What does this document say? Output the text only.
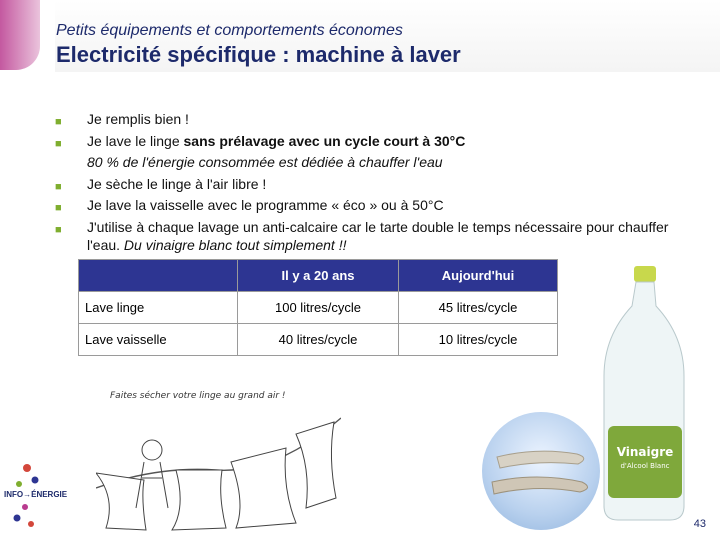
Petits équipements et comportements économes
Electricité spécifique : machine à laver
■	Je remplis bien !
■	Je lave le linge sans prélavage avec un cycle court à 30°C
80 % de l'énergie consommée est dédiée à chauffer l'eau
■	Je sèche le linge à l'air libre !
■	Je lave la vaisselle avec le programme « éco » ou à 50°C
■	J'utilise à chaque lavage un anti-calcaire car le tarte double le temps nécessaire pour chauffer l'eau. Du vinaigre blanc tout simplement !!
	Il y a 20 ans	Aujourd'hui
Lave linge	100 litres/cycle	45 litres/cycle
Lave vaisselle	40 litres/cycle	10 litres/cycle
Faites sécher votre linge au grand air !
Vinaigre
d'Alcool Blanc
INFO→ÉNERGIE
43
